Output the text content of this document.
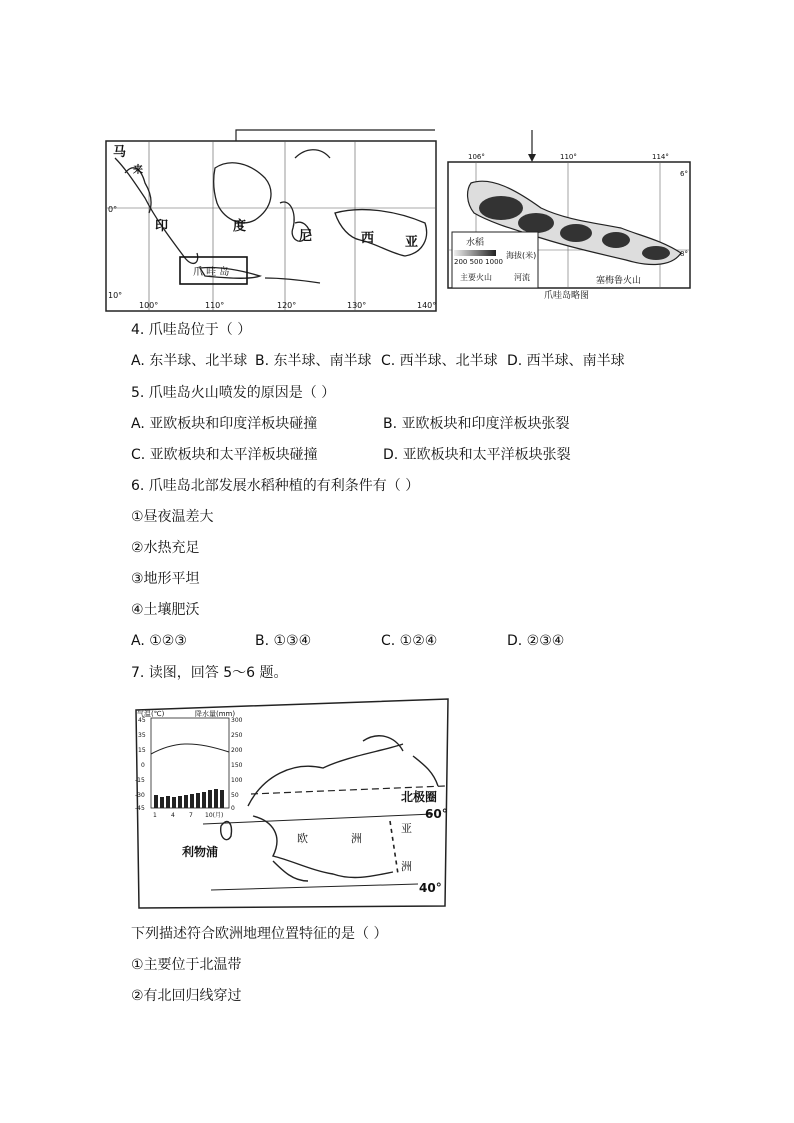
马
来
印	度
尼	西 亚
爪 哇 岛
0°
10°
100°	110°	120°	130°	140°
水稻
200 500 1000
海拔(米)
主要火山	河流	塞梅鲁火山
106°	110°	114°
6°
8°
爪哇岛略图
4. 爪哇岛位于（ ）
A. 东半球、北半球 B. 东半球、南半球 C. 西半球、北半球 D. 西半球、南半球
5. 爪哇岛火山喷发的原因是（ ）
A. 亚欧板块和印度洋板块碰撞	B. 亚欧板块和印度洋板块张裂
C. 亚欧板块和太平洋板块碰撞	D. 亚欧板块和太平洋板块张裂
6. 爪哇岛北部发展水稻种植的有利条件有（ ）
①昼夜温差大
②水热充足
③地形平坦
④土壤肥沃
A. ①②③	B. ①③④	C. ①②④	D. ②③④
7. 读图，回答 5～6 题。
气温(℃)	降水量(mm)
45
35
15
0
-15
-30
-45
300
250
200
150
100
50
0
1 4 7 10(月)
北极圈
60°
40°
利物浦
欧	洲
亚
洲
下列描述符合欧洲地理位置特征的是（ ）
①主要位于北温带
②有北回归线穿过
